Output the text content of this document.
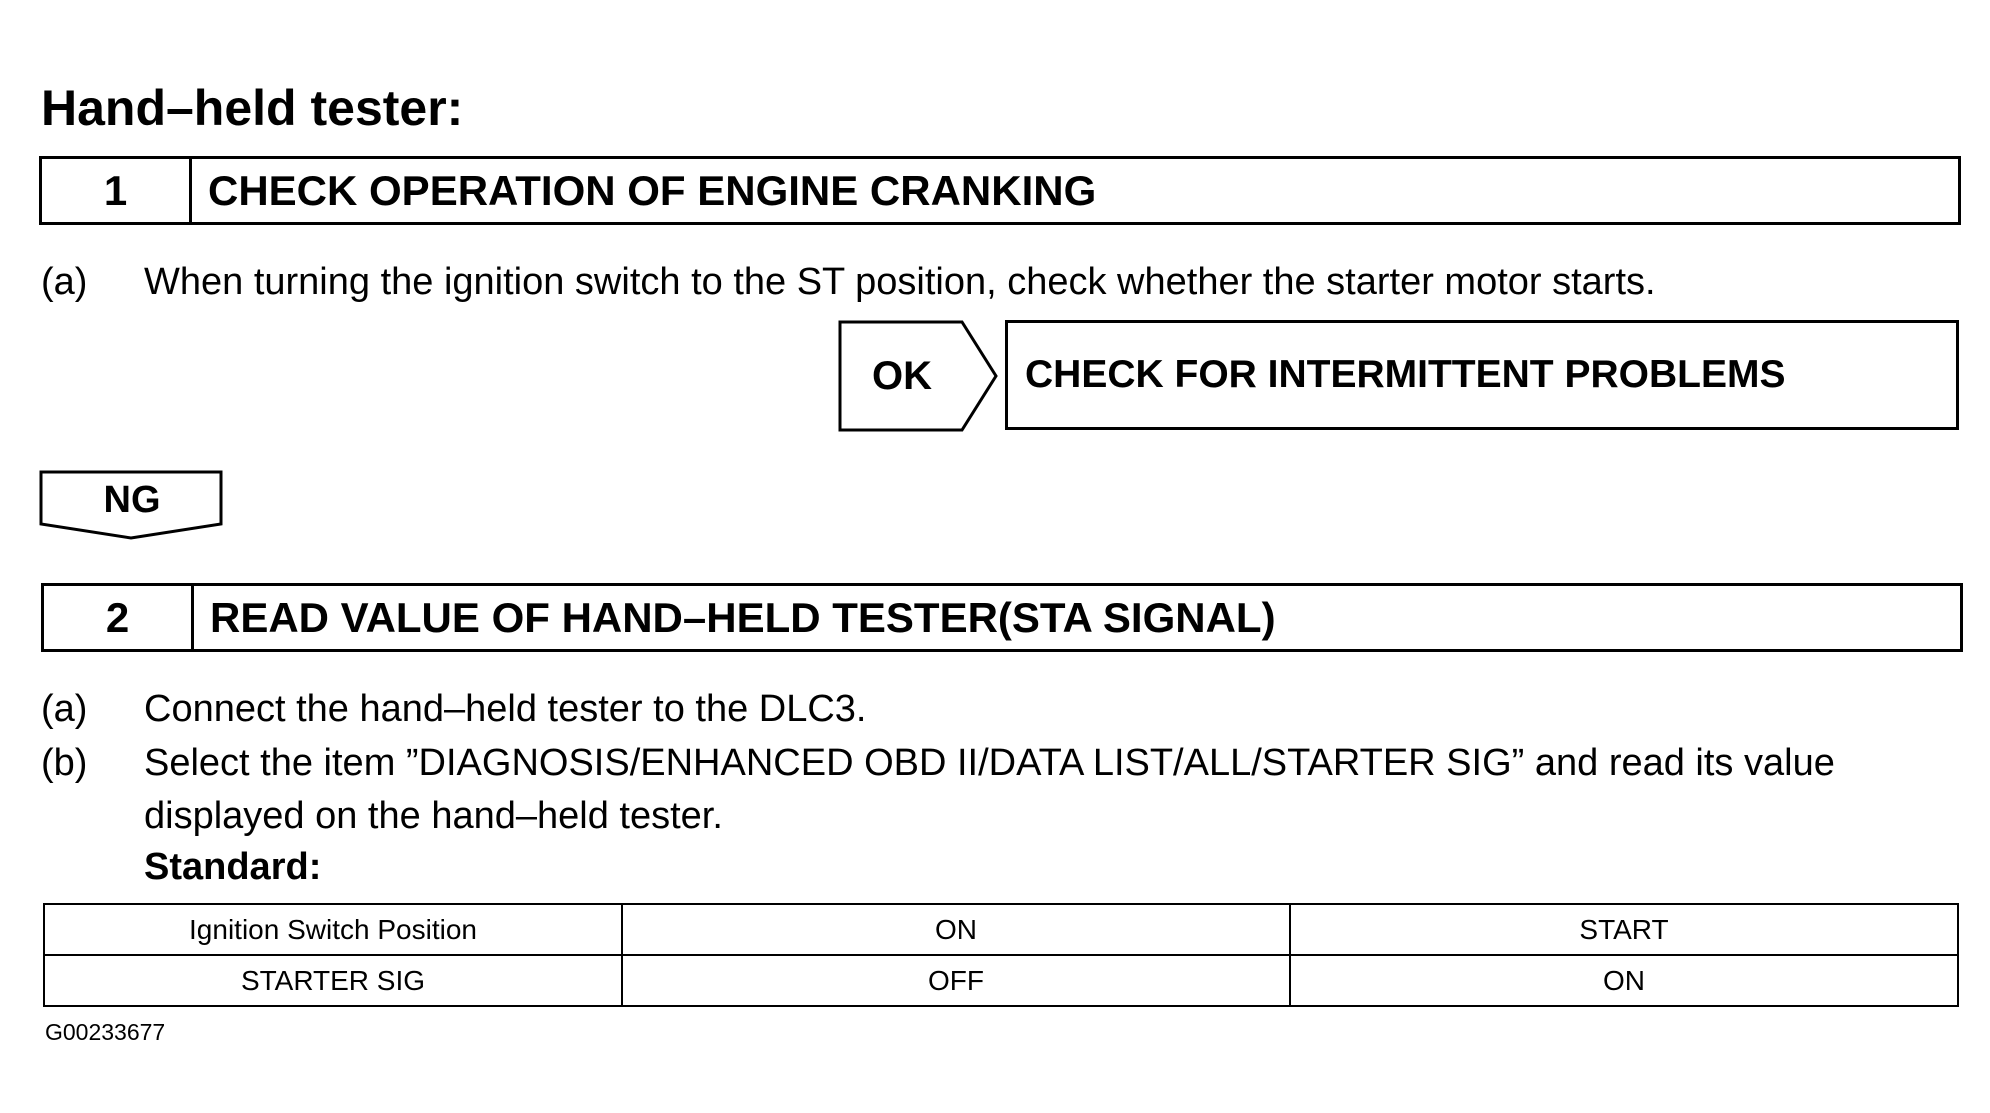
Hand–held tester:
1	CHECK OPERATION OF ENGINE CRANKING
(a) When turning the ignition switch to the ST position, check whether the starter motor starts.
OK	CHECK FOR INTERMITTENT PROBLEMS
NG
2	READ VALUE OF HAND–HELD TESTER(STA SIGNAL)
(a) Connect the hand–held tester to the DLC3.
(b) Select the item ”DIAGNOSIS/ENHANCED OBD II/DATA LIST/ALL/STARTER SIG” and read its value
displayed on the hand–held tester.
Standard:
Ignition Switch Position	ON	START
STARTER SIG	OFF	ON
G00233677
